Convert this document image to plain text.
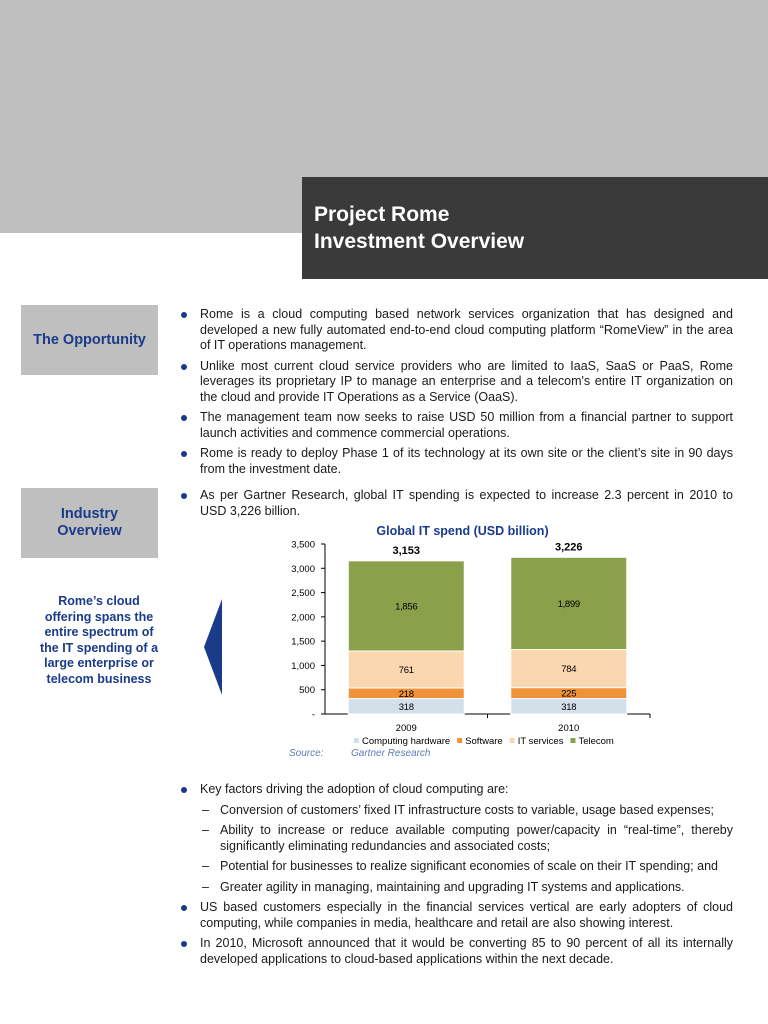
Project Rome
Investment Overview
The Opportunity
Rome is a cloud computing based network services organization that has designed and developed a new fully automated end-to-end cloud computing platform “RomeView” in the area of IT operations management.
Unlike most current cloud service providers who are limited to IaaS, SaaS or PaaS, Rome leverages its proprietary IP to manage an enterprise and a telecom's entire IT organization on the cloud and provide IT Operations as a Service (OaaS).
The management team now seeks to raise USD 50 million from a financial partner to support launch activities and commence commercial operations.
Rome is ready to deploy Phase 1 of its technology at its own site or the client’s site in 90 days from the investment date.
Industry
Overview
As per Gartner Research, global IT spending is expected to increase 2.3 percent in 2010 to USD 3,226 billion.
Rome’s cloud offering spans the entire spectrum of the IT spending of a large enterprise or telecom business
Global IT spend (USD billion)
-
500
1,000
1,500
2,000
2,500
3,000
3,500
318
218
761
1,856
3,153
2009
318
225
784
1,899
3,226
2010
Computing hardware Software IT services Telecom
Source:	Gartner Research
Key factors driving the adoption of cloud computing are:
– Conversion of customers’ fixed IT infrastructure costs to variable, usage based expenses;
– Ability to increase or reduce available computing power/capacity in “real-time”, thereby significantly eliminating redundancies and associated costs;
– Potential for businesses to realize significant economies of scale on their IT spending; and
– Greater agility in managing, maintaining and upgrading IT systems and applications.
US based customers especially in the financial services vertical are early adopters of cloud computing, while companies in media, healthcare and retail are also showing interest.
In 2010, Microsoft announced that it would be converting 85 to 90 percent of all its internally developed applications to cloud-based applications within the next decade.
